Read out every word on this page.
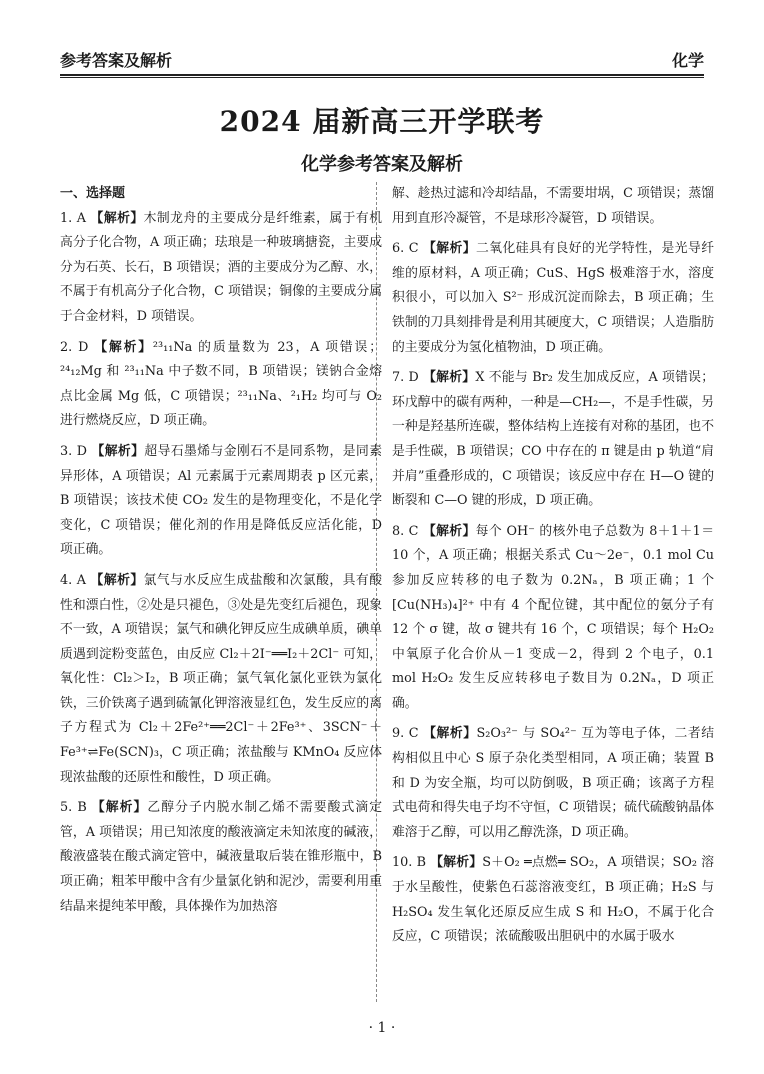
参考答案及解析	化学
2024 届新高三开学联考
化学参考答案及解析
一、选择题

1. A 【解析】木制龙舟的主要成分是纤维素，属于有机高分子化合物，A 项正确；珐琅是一种玻璃搪瓷，主要成分为石英、长石，B 项错误；酒的主要成分为乙醇、水，不属于有机高分子化合物，C 项错误；铜像的主要成分属于合金材料，D 项错误。

2. D 【解析】²³₁₁Na 的质量数为 23，A 项错误；²⁴₁₂Mg 和 ²³₁₁Na 中子数不同，B 项错误；镁钠合金熔点比金属 Mg 低，C 项错误；²³₁₁Na、²₁H₂ 均可与 O₂ 进行燃烧反应，D 项正确。

3. D 【解析】超导石墨烯与金刚石不是同系物，是同素异形体，A 项错误；Al 元素属于元素周期表 p 区元素，B 项错误；该技术使 CO₂ 发生的是物理变化，不是化学变化，C 项错误；催化剂的作用是降低反应活化能，D 项正确。

4. A 【解析】氯气与水反应生成盐酸和次氯酸，具有酸性和漂白性，②处是只褪色，③处是先变红后褪色，现象不一致，A 项错误；氯气和碘化钾反应生成碘单质，碘单质遇到淀粉变蓝色，由反应 Cl₂＋2I⁻══I₂＋2Cl⁻ 可知，氧化性：Cl₂＞I₂，B 项正确；氯气氧化氯化亚铁为氯化铁，三价铁离子遇到硫氰化钾溶液显红色，发生反应的离子方程式为 Cl₂＋2Fe²⁺══2Cl⁻＋2Fe³⁺、3SCN⁻＋Fe³⁺⇌Fe(SCN)₃，C 项正确；浓盐酸与 KMnO₄ 反应体现浓盐酸的还原性和酸性，D 项正确。

5. B 【解析】乙醇分子内脱水制乙烯不需要酸式滴定管，A 项错误；用已知浓度的酸液滴定未知浓度的碱液，酸液盛装在酸式滴定管中，碱液量取后装在锥形瓶中，B 项正确；粗苯甲酸中含有少量氯化钠和泥沙，需要利用重结晶来提纯苯甲酸，具体操作为加热溶

解、趁热过滤和冷却结晶，不需要坩埚，C 项错误；蒸馏用到直形冷凝管，不是球形冷凝管，D 项错误。

6. C 【解析】二氧化硅具有良好的光学特性，是光导纤维的原材料，A 项正确；CuS、HgS 极难溶于水，溶度积很小，可以加入 S²⁻ 形成沉淀而除去，B 项正确；生铁制的刀具刻排骨是利用其硬度大，C 项错误；人造脂肪的主要成分为氢化植物油，D 项正确。

7. D 【解析】X 不能与 Br₂ 发生加成反应，A 项错误；环戊醇中的碳有两种，一种是—CH₂—，不是手性碳，另一种是羟基所连碳，整体结构上连接有对称的基团，也不是手性碳，B 项错误；CO 中存在的 π 键是由 p 轨道“肩并肩”重叠形成的，C 项错误；该反应中存在 H—O 键的断裂和 C—O 键的形成，D 项正确。

8. C 【解析】每个 OH⁻ 的核外电子总数为 8＋1＋1＝10 个，A 项正确；根据关系式 Cu～2e⁻，0.1 mol Cu 参加反应转移的电子数为 0.2Nₐ，B 项正确；1 个 [Cu(NH₃)₄]²⁺ 中有 4 个配位键，其中配位的氨分子有 12 个 σ 键，故 σ 键共有 16 个，C 项错误；每个 H₂O₂ 中氧原子化合价从－1 变成－2，得到 2 个电子，0.1 mol H₂O₂ 发生反应转移电子数目为 0.2Nₐ，D 项正确。

9. C 【解析】S₂O₃²⁻ 与 SO₄²⁻ 互为等电子体，二者结构相似且中心 S 原子杂化类型相同，A 项正确；装置 B 和 D 为安全瓶，均可以防倒吸，B 项正确；该离子方程式电荷和得失电子均不守恒，C 项错误；硫代硫酸钠晶体难溶于乙醇，可以用乙醇洗涤，D 项正确。

10. B 【解析】S＋O₂ ═点燃═ SO₂，A 项错误；SO₂ 溶于水呈酸性，使紫色石蕊溶液变红，B 项正确；H₂S 与 H₂SO₄ 发生氧化还原反应生成 S 和 H₂O，不属于化合反应，C 项错误；浓硫酸吸出胆矾中的水属于吸水

· 1 ·
